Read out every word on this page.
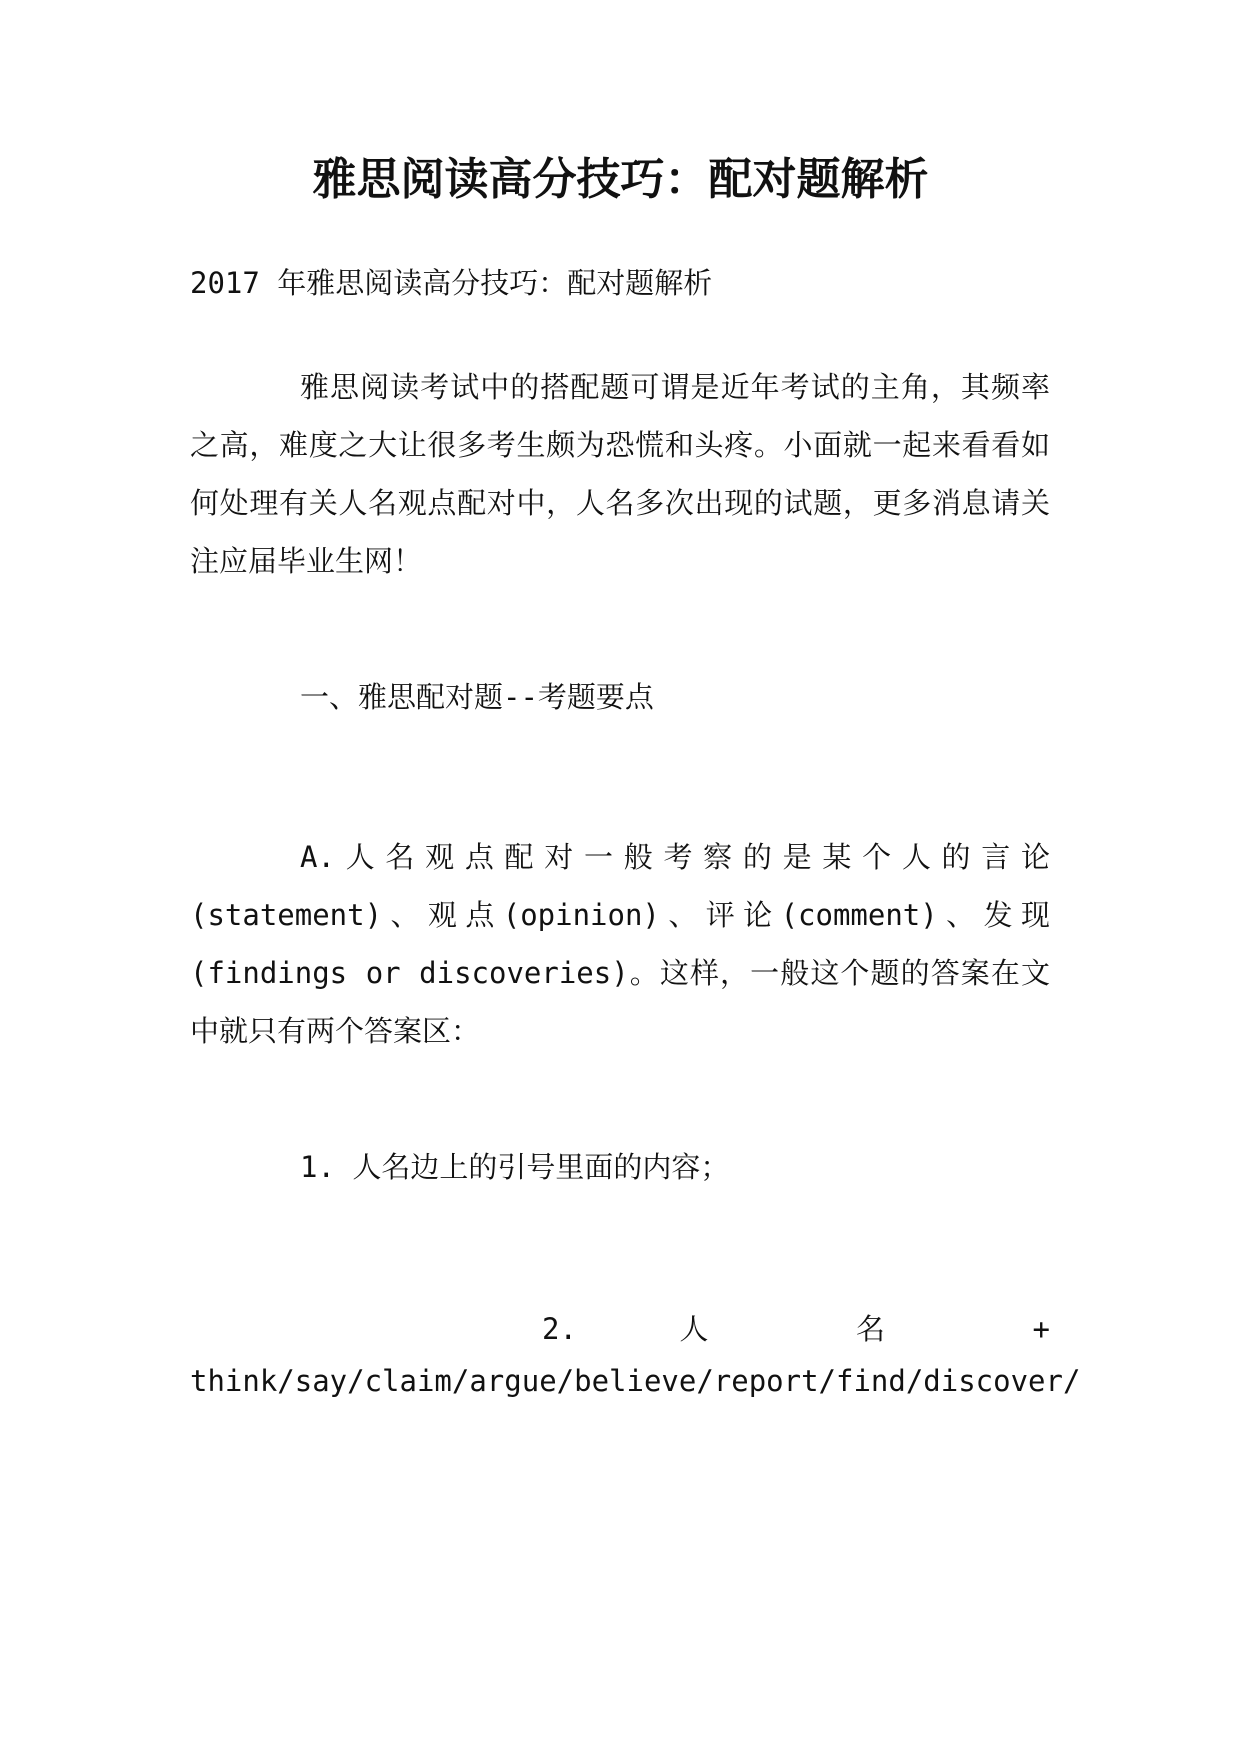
雅思阅读高分技巧：配对题解析

2017 年雅思阅读高分技巧：配对题解析

雅思阅读考试中的搭配题可谓是近年考试的主角，其频率之高，难度之大让很多考生颇为恐慌和头疼。小面就一起来看看如何处理有关人名观点配对中，人名多次出现的试题，更多消息请关注应届毕业生网！

一、雅思配对题--考题要点

A.人名观点配对一般考察的是某个人的言论(statement)、观点(opinion)、评论(comment)、发现(findings or discoveries)。这样，一般这个题的答案在文中就只有两个答案区：

1. 人名边上的引号里面的内容；

2. 人 名 +

think/say/claim/argue/believe/report/find/discover/
